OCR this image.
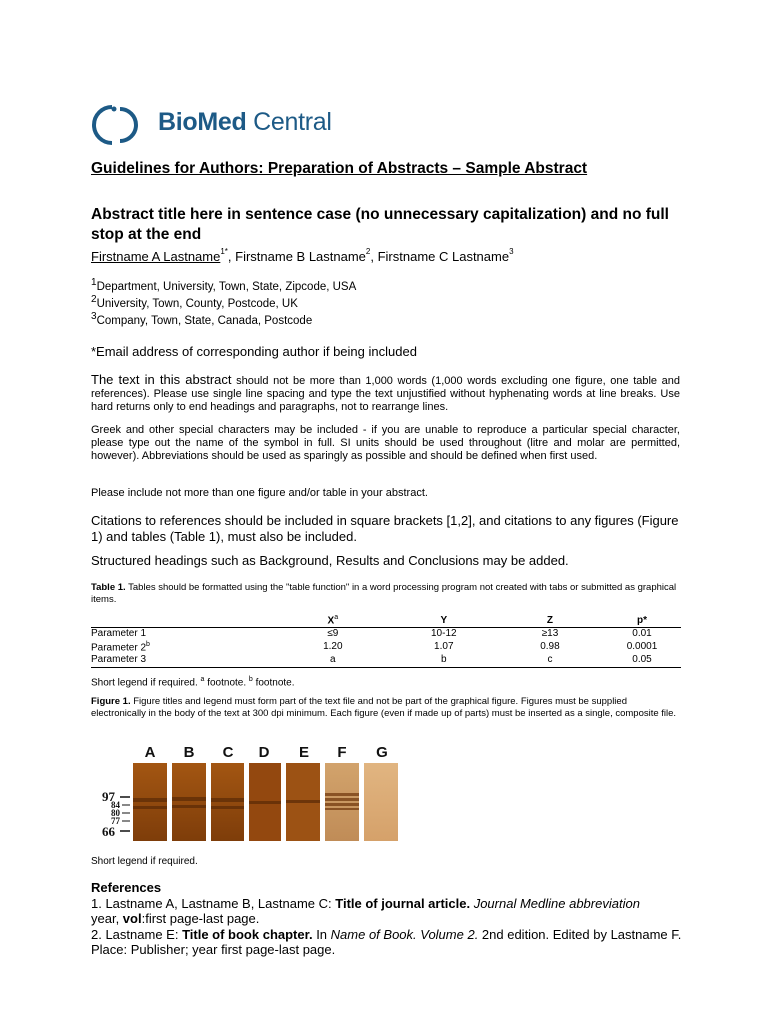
BioMed Central
Guidelines for Authors: Preparation of Abstracts – Sample Abstract
Abstract title here in sentence case (no unnecessary capitalization) and no full stop at the end
Firstname A Lastname$^{1*}$, Firstname B Lastname$^2$, Firstname C Lastname$^3$
$^1$Department, University, Town, State, Zipcode, USA
$^2$University, Town, County, Postcode, UK
$^3$Company, Town, State, Canada, Postcode
*Email address of corresponding author if being included
The text in this abstract should not be more than 1,000 words (1,000 words excluding one figure, one table and references). Please use single line spacing and type the text unjustified without hyphenating words at line breaks. Use hard returns only to end headings and paragraphs, not to rearrange lines.
Greek and other special characters may be included - if you are unable to reproduce a particular special character, please type out the name of the symbol in full. SI units should be used throughout (litre and molar are permitted, however). Abbreviations should be used as sparingly as possible and should be defined when first used.
Please include not more than one figure and/or table in your abstract.
Citations to references should be included in square brackets [1,2], and citations to any figures (Figure 1) and tables (Table 1), must also be included.
Structured headings such as Background, Results and Conclusions may be added.
Table 1. Tables should be formatted using the "table function" in a word processing program not created with tabs or submitted as graphical items.
	$X^a$	Y	Z	p*
Parameter 1	≤9	10-12	≥13	0.01
Parameter 2$^b$	1.20	1.07	0.98	0.0001
Parameter 3	a	b	c	0.05
Short legend if required. $^a$ footnote. $^b$ footnote.
Figure 1. Figure titles and legend must form part of the text file and not be part of the graphical figure. Figures must be supplied electronically in the body of the text at 300 dpi minimum. Each figure (even if made up of parts) must be inserted as a single, composite file.
A B C D E F G
97
84
80
77
66
Short legend if required.
References
1. Lastname A, Lastname B, Lastname C: Title of journal article. Journal Medline abbreviation
year, vol:first page-last page.
2. Lastname E: Title of book chapter. In Name of Book. Volume 2. 2nd edition. Edited by Lastname F. Place: Publisher; year first page-last page.
